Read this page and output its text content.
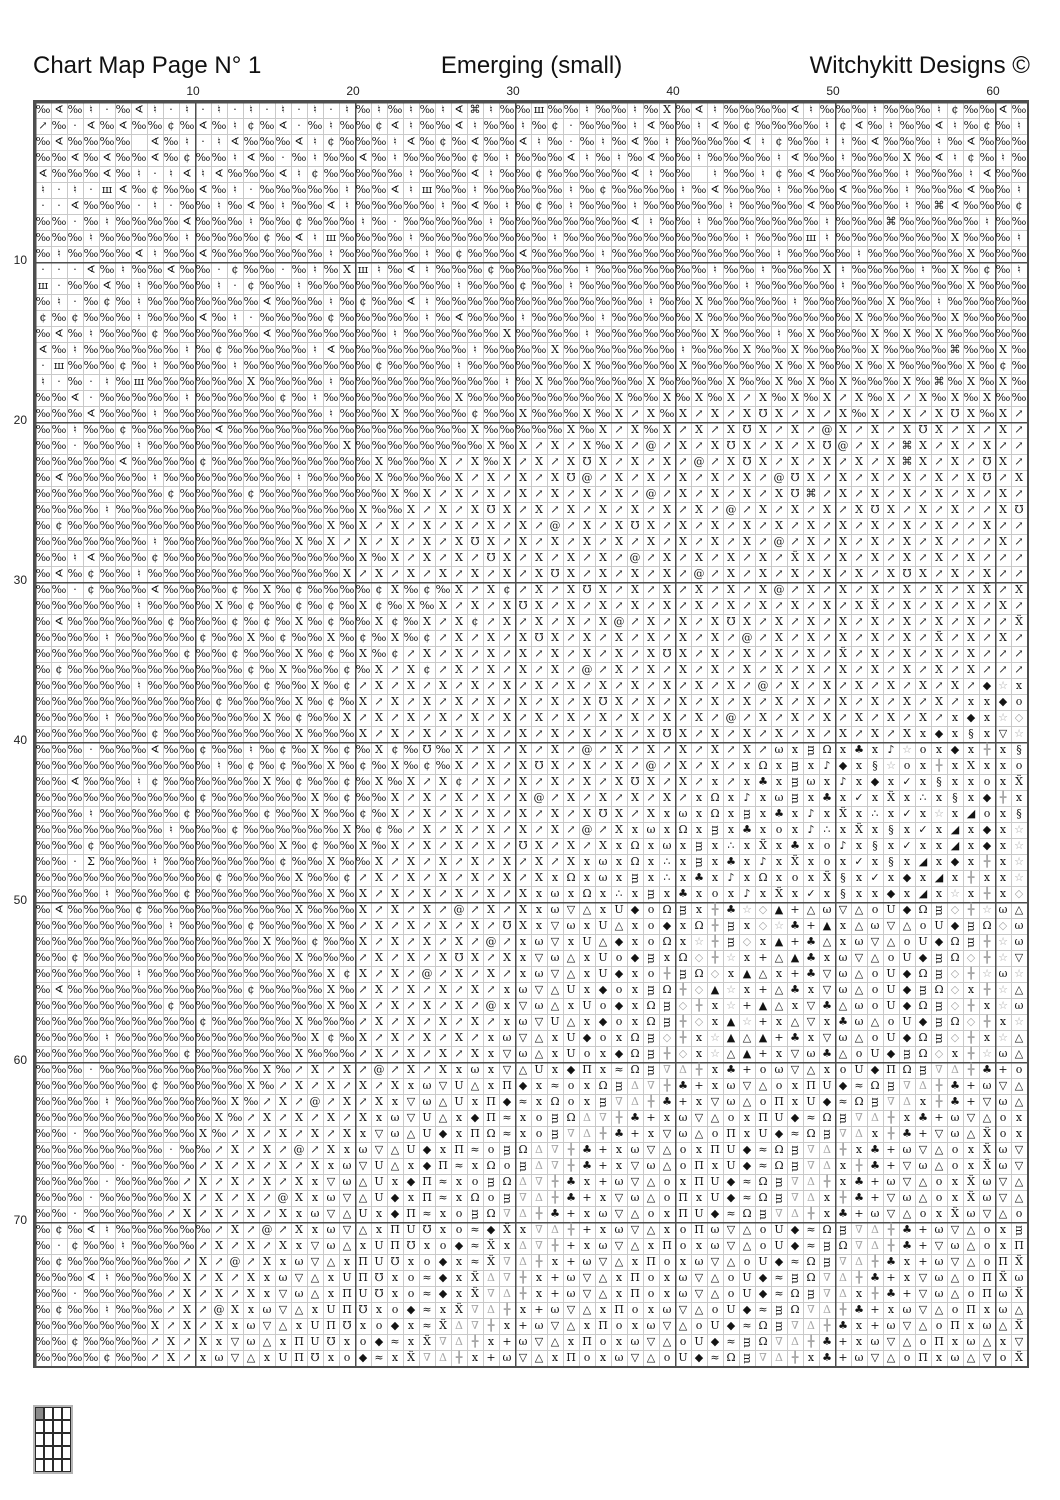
Chart Map Page N° 1	Emerging (small)	Witchykitt Designs ©
10	20	30	40	50	60
10
20
30
40
50
60
70
‰ ∢ ‰ ♮	· ‰ ∢ ♮	·	♮	·	♮	·	♮	·	♮	·	♮	·	♮ ‰ ♮ ‰ ♮ ‰ ♮ ∢ ⌘ ♮ ‰ ‰ ш ‰ ‰ ♮ ‰ ‰ ♮ ‰ X ‰ ∢ ♮ ‰ ‰ ‰ ‰ ∢ ♮ ‰ ‰ ‰ ♮ ‰ ‰ ‰ ♮ ¢ ‰ ‰ ∢ ‰
↗ ‰ · ∢ ‰ ∢ ‰ ‰ ¢ ‰ ∢ ‰ ♮ ¢ ‰ ∢ · ‰ ♮ ‰ ‰ ¢ ∢ ♮ ‰ ‰ ∢ ♮ ‰ ‰ ♮ ‰ ¢ · ‰ ‰ ‰ ♮ ∢ ‰ ‰ ♮ ∢ ‰ ¢ ‰ ‰ ‰ ‰ ♮ ¢ ∢ ‰ ♮ ‰ ‰ ∢ ♮ ‰ ¢ ‰ ♮
‰ ∢ ‰ ‰ ‰ ‰	∢ ‰ ♮	·	♮ ∢ ‰ ‰ ‰ ∢ ♮ ¢ ‰ ‰ ‰ ♮ ∢ ‰ ¢ ‰ ∢ ‰ ‰ ∢ ♮ ‰ · ‰ ♮ ‰ ∢ ‰ ♮ ‰ ‰ ‰ ‰ ∢ ♮ ¢ ‰ ‰ ♮	♮ ‰ ∢ ‰ ‰ ‰ ♮ ‰ ∢ ‰ ‰ ‰
‰ ‰ ∢ ‰ ∢ ‰ ‰ ∢ ‰ ¢ ‰ ‰ ♮ ∢ ‰ · ‰ ♮ ‰ ‰ ∢ ‰ ♮ ‰ ‰ ‰ ‰ ¢ ‰ ♮ ‰ ‰ ‰ ∢ ♮ ‰ ♮ ‰ ∢ ‰ ‰ ♮ ‰ ‰ ‰ ‰ ♮ ∢ ‰ ‰ ♮ ‰ ‰ ‰ X ‰ ∢ ♮ ¢ ‰ ♮ ‰
∢ ‰ ‰ ‰ ∢ ‰ ♮	·	♮ ∢ ♮ ∢ ‰ ‰ ‰ ∢ ♮ ¢ ‰ ‰ ‰ ‰ ‰ ♮ ‰ ‰ ‰ ∢ ♮ ‰ ‰ ¢ ‰ ‰ ‰ ‰ ‰ ∢ ♮ ‰ ‰	♮ ‰ ‰ ♮ ¢ ‰ ∢ ‰ ‰ ‰ ‰ ‰ ♮ ‰ ‰ ‰ ♮ ∢ ‰ ‰
♮	·	♮	· ш ∢ ‰ ¢ ‰ ‰ ∢ ‰ ♮	· ‰ ‰ ‰ ‰ ‰ ♮ ‰ ‰ ∢ ♮ ш ‰ ‰ ♮ ‰ ‰ ‰ ‰ ‰ ♮ ‰ ¢ ‰ ‰ ‰ ‰ ♮ ‰ ∢ ‰ ‰ ‰ ♮ ‰ ‰ ‰ ∢ ‰ ‰ ‰ ♮ ‰ ‰ ‰ ∢ ‰ ‰ ♮
·	· ∢ ‰ ‰ ‰ ·	♮	· ‰ ‰ ♮ ‰ ∢ ‰ ♮ ‰ ‰ ∢ ♮ ‰ ‰ ‰ ‰ ‰ ♮ ‰ ∢ ‰ ♮ ‰ ¢ ‰ ♮ ‰ ‰ ‰ ♮ ‰ ‰ ‰ ‰ ‰ ♮ ‰ ‰ ‰ ‰ ∢ ‰ ‰ ‰ ‰ ‰ ♮ ‰ ⌘ ∢ ‰ ‰ ‰ ¢
‰ ‰ · ‰ ♮ ‰ ‰ ‰ ‰ ∢ ‰ ‰ ‰ ♮ ‰ ‰ ¢ ‰ ‰ ‰ ♮ ‰ · ‰ ‰ ‰ ‰ ‰ ♮ ‰ ‰ ‰ ‰ ‰ ‰ ‰ ‰ ∢ ♮ ‰ ‰ ♮ ‰ ‰ ‰ ‰ ‰ ‰ ‰ ♮ ‰ ‰ ‰ ⌘ ‰ ‰ ‰ ‰ ‰ ♮ ‰ ‰
‰ ‰ ‰ ♮ ‰ ‰ ‰ ‰ ‰ ♮ ‰ ‰ ‰ ‰ ¢ ‰ ∢ ♮ ш ‰ ‰ ‰ ‰ ♮ ‰ ‰ ‰ ‰ ‰ ‰ ‰ ‰ ♮ ‰ ‰ ‰ ‰ ‰ ‰ ‰ ‰ ‰ ‰ ‰ ♮ ‰ ‰ ‰ ш ♮ ‰ ‰ ‰ ‰ ‰ ‰ ‰ X ‰ ‰ ‰ ♮
‰ ♮ ‰ ‰ ‰ ‰ ∢ ♮ ‰ ‰ ∢ ‰ ‰ ‰ ‰ ‰ ‰ ‰ ♮ ‰ ‰ ‰ ‰ ‰ ♮ ‰ ¢ ‰ ‰ ‰ ∢ ‰ ‰ ‰ ‰ ♮ ‰ ‰ ‰ ‰ ‰ ‰ ‰ ‰ ‰ ‰ ♮ ‰ ‰ ‰ ‰ ♮ ‰ ‰ ‰ ‰ ‰ ‰ X ‰ ‰ ‰
·	·	· ∢ ‰ ♮ ‰ ‰ ∢ ‰ ‰ · ¢ ‰ ‰ · ‰ ♮ ‰ X ш ♮ ‰ ∢ ♮ ‰ ‰ ‰ ¢ ‰ ‰ ‰ ‰ ‰ ♮ ‰ ‰ ‰ ‰ ‰ ‰ ‰ ♮ ‰ ‰ ♮ ‰ ‰ ‰ X ♮ ‰ ‰ ‰ ‰ ♮ ‰ X ‰ ¢ ‰ ♮
ш · ‰ ‰ ∢ ‰ ♮ ‰ ‰ ‰ ‰ ♮	· ¢ ‰ ‰ ♮ ‰ ‰ ‰ ‰ ‰ ‰ ‰ ‰ ‰ ♮ ‰ ‰ ‰ ¢ ‰ ‰ ♮ ‰ ‰ ‰ ‰ ‰ ‰ ‰ ‰ ‰ ‰ ♮ ‰ ‰ ‰ ‰ ‰ ♮ ‰ ‰ ‰ ‰ ‰ ‰ ‰ X ‰ ‰ ‰
‰ ♮	· ‰ ¢ ‰ ♮ ‰ ‰ ‰ ‰ ‰ ‰ ‰ ∢ ‰ ‰ ‰ ♮ ‰ ¢ ‰ ‰ ∢ ♮ ‰ ‰ ‰ ‰ ‰ ‰ ‰ ‰ ‰ ‰ ‰ ‰ ‰ ♮ ‰ ‰ X ‰ ‰ ‰ ‰ ‰ ♮ ‰ ‰ ‰ ‰ ‰ X ‰ ‰ ♮ ‰ ‰ ‰ ‰ ‰
¢ ‰ ¢ ‰ ‰ ‰ ♮ ‰ ‰ ‰ ∢ ‰ ♮	· ‰ ‰ ‰ ‰ ¢ ‰ ‰ ‰ ‰ ‰ ♮ ‰ ∢ ‰ ‰ ‰ ♮ ‰ ‰ ‰ ‰ ♮ ‰ ‰ ‰ ‰ ‰ X ‰ ‰ ‰ ‰ ‰ ‰ ‰ ‰ ‰ X ‰ ‰ ‰ ‰ ‰ X ‰ ‰ ‰ ‰
‰ ∢ ‰ ♮ ‰ ‰ ‰ ¢ ‰ ‰ ‰ ‰ ‰ ‰ ∢ ‰ ‰ ‰ ‰ ‰ ‰ ‰ ♮ ‰ ‰ ‰ ‰ ‰ ‰ X ‰ ‰ ‰ ‰ ♮ ‰ ‰ ‰ ‰ ‰ ‰ ‰ X ‰ ‰ ‰ ♮ ‰ X ‰ ‰ ‰ X ‰ X ‰ X ‰ ‰ ‰ ‰ ‰
∢ ‰ ♮ ‰ ‰ ‰ ‰ ‰ ‰ ♮ ‰ ¢ ‰ ‰ ‰ ‰ ‰ ♮ ∢ ‰ ‰ ‰ ‰ ‰ ‰ ‰ ‰ ♮ ‰ ‰ ‰ ‰ X ‰ ‰ ‰ ‰ ‰ ‰ ‰ ♮ ‰ ‰ ‰ X ‰ ‰ X ‰ ‰ ‰ ‰ X ‰ ‰ ‰ ‰ ⌘ ‰ ‰ X ‰
· ш ‰ ‰ ‰ ¢ ‰ ♮ ‰ ‰ ‰ ‰ ♮ ‰ ‰ ‰ ‰ ‰ ‰ ‰ ‰ ¢ ‰ ‰ ‰ ‰ ♮ ‰ ‰ ‰ ‰ ‰ ‰ ‰ X ‰ ‰ ‰ ‰ ‰ X ‰ ‰ ‰ ‰ ‰ X ‰ X ‰ ‰ X ‰ X ‰ ‰ ‰ ‰ X ‰ ¢ ‰
♮	· ‰ ·	♮ ‰ ш ‰ ‰ ‰ ‰ ‰ ‰ X ‰ ‰ ‰ ‰ ♮ ‰ ‰ ‰ ‰ ‰ ‰ ‰ ‰ ‰ ‰ ♮ ‰ X ‰ ‰ ‰ ‰ ‰ ‰ X ‰ ‰ ‰ ‰ X ‰ ‰ X ‰ X ‰ X ‰ ‰ ‰ X ‰ ⌘ ‰ X ‰ X ‰
‰ ‰ ∢ · ‰ ‰ ‰ ‰ ‰ ♮ ‰ ‰ ‰ ‰ ‰ ¢ ‰ ♮ ‰ ‰ ‰ ‰ ‰ ‰ ‰ ‰ X ‰ ‰ ‰ ‰ ‰ ‰ ‰ ‰ ‰ X ‰ ‰ X ‰ X ‰ X ↗ X ‰ X ‰ X ↗ X ‰ X ↗ X ‰ X ‰ X ‰ ‰
‰ ‰ ‰ ∢ ‰ ‰ ‰ ♮ ‰ ‰ ‰ ‰ ‰ ‰ ‰ ‰ ‰ ‰ ♮ ‰ ‰ ‰ X ‰ ‰ ‰ ‰ ¢ ‰ ‰ X ‰ ‰ ‰ X ‰ X ↗ X ‰ X ↗ X ↗ X ℧ X ↗ X ↗ X ‰ X ↗ X ↗ X ℧ X ‰ X ↗
‰ ‰ ♮ ‰ ‰ ¢ ‰ ‰ ‰ ‰ ‰ ∢ ‰ ‰ ‰ ‰ ‰ ‰ ‰ ‰ ‰ ‰ ‰ ‰ ‰ ‰ ‰ X ‰ ‰ ‰ ‰ ‰ X ‰ X ↗ X ‰ X ↗ X ↗ X ℧ X ↗ X ↗ @ X ↗ X ↗ X ℧ X ↗ X ↗ X ↗
‰ ‰ · ‰ ‰ ‰ ♮ ‰ ‰ ‰ ‰ ‰ ‰ ‰ ‰ ‰ ‰ ‰ ‰ X ‰ ‰ ‰ ‰ ‰ ‰ ‰ ‰ X ‰ X ↗ X ↗ X ‰ X ↗ @ ↗ X ↗ X ℧ X ↗ X ↗ X ℧ @ ↗ X ↗ ⌘ X ↗ X ↗ X ↗ ↗
‰ ‰ ‰ ‰ ‰ ∢ ‰ ‰ ‰ ‰ ¢ ‰ ‰ ‰ ‰ ‰ ‰ ‰ ‰ ‰ ‰ X ‰ ‰ ‰ X ↗ X ‰ X ↗ X ↗ X ℧ X ↗ X ↗ X ↗ @ ↗ X ℧ X ↗ X ↗ X ↗ X ↗ X ⌘ X ↗ X ↗ ℧ X ↗
‰ ∢ ‰ ‰ ‰ ‰ ‰ ♮ ‰ ‰ ‰ ‰ ‰ ‰ ‰ ‰ ♮ ‰ ‰ ‰ ‰ X ‰ ‰ ‰ ‰ X ↗ X ↗ X ↗ X ℧ @ ↗ X ↗ X ↗ X ↗ X ↗ X ↗ @ ℧ X ↗ X ↗ X ↗ X ↗ X ↗ X ℧ ↗ X
‰ ‰ ‰ ‰ ‰ ‰ ‰ ‰ ¢ ‰ ‰ ‰ ‰ ¢ ‰ ‰ ‰ ‰ ‰ ‰ ‰ ‰ X ‰ X ↗ X ↗ X ↗ X ↗ X ↗ X ↗ X ↗ @ ↗ X ↗ X ↗ X ↗ X ℧ ⌘ ↗ X ↗ X ↗ X ↗ X ↗ X ↗ X ↗
‰ ‰ ‰ ‰ ♮ ‰ ‰ ‰ ‰ ‰ ‰ ‰ ‰ ‰ ‰ ‰ ‰ ‰ ‰ ‰ X ‰ ‰ X ↗ X ↗ X ℧ X ↗ X ↗ X ↗ X ↗ X ↗ X ↗ X ↗ @ ↗ X ↗ X ↗ X ↗ X ℧ X ↗ X ↗ X ↗ ↗ X ℧
‰ ¢ ‰ ‰ ‰ ‰ ‰ ‰ ‰ ‰ ‰ ‰ ‰ ‰ ‰ ‰ ‰ ‰ X ‰ X ↗ X ↗ X ↗ X ↗ X ↗ X ↗ @ ↗ X ↗ X ℧ X ↗ X ↗ X ↗ X ↗ X ↗ X ↗ X ↗ X ↗ X ↗ X ↗ ↗ X ↗ ↗
‰ ‰ ‰ ‰ ‰ ‰ ‰ ♮ ‰ ‰ ‰ ‰ ‰ ‰ ‰ ‰ X ‰ X ↗ X ↗ X ↗ X ↗ X ℧ X ↗ X ↗ X ↗ X ↗ X ↗ X ↗ X ↗ X ↗ X ↗ @ ↗ X ↗ X ↗ X ↗ X ↗ X ↗ ↗ ↗ X ↗
‰ ‰ ♮ ∢ ‰ ‰ ‰ ¢ ‰ ‰ ‰ ‰ ‰ ‰ ‰ ‰ ‰ ‰ ‰ ‰ X ‰ X ↗ X ↗ X ↗ ℧ X ↗ X ↗ X ↗ X ↗ @ ↗ X ↗ X ↗ X ↗ X ↗ Ẍ X ↗ X ↗ X ↗ X ↗ X ↗ X ↗ ↗ ↗
‰ ∢ ‰ ¢ ‰ ‰ ♮ ‰ ‰ ‰ ‰ ‰ ‰ ‰ ‰ ‰ ‰ ‰ ‰ X ↗ X ↗ X ↗ X ↗ X ↗ X ↗ X ℧ X ↗ X ↗ X ↗ X ↗ @ ↗ X ↗ X ↗ X ↗ X ↗ X ↗ X ℧ X ↗ X ↗ X ↗ ↗
‰ ‰ · ¢ ‰ ‰ ‰ ∢ ‰ ‰ ‰ ‰ ¢ ‰ X ‰ ¢ ‰ ‰ ‰ ‰ ¢ X ‰ ¢ ‰ X ↗ X ¢ ↗ X ↗ X ℧ X ↗ X ↗ X ↗ X ↗ X ↗ X @ ↗ X ↗ X ↗ X ↗ X ↗ X ↗ X Ẍ ↗ X
‰ ‰ ‰ ‰ ‰ ‰ ♮ ‰ ‰ ‰ ‰ X ‰ ¢ ‰ ‰ ¢ ‰ ¢ ‰ X ¢ ‰ X ‰ X ↗ X ↗ X ℧ X ↗ X ↗ X ↗ X ↗ X ↗ X ↗ X ↗ X ↗ X ↗ X ↗ X Ẍ ↗ X ↗ X ↗ X ↗ X ↗
‰ ∢ ‰ ‰ ‰ ‰ ‰ ‰ ¢ ‰ ‰ ‰ ¢ ‰ ¢ ‰ X ‰ ¢ ‰ ‰ X ¢ ‰ X ↗ X ¢ ↗ X ↗ X ↗ X ↗ X @ ↗ X ↗ X ↗ X ℧ X ↗ X ↗ X ↗ X ↗ X ↗ X ↗ X ↗ X ↗ ↗ Ẍ
‰ ‰ ‰ ‰ ♮ ‰ ‰ ‰ ‰ ‰ ¢ ‰ ‰ X ‰ ¢ ‰ ‰ X ‰ ¢ ‰ X ‰ ¢ ↗ X ↗ X ↗ X ℧ X ↗ X ↗ X ↗ X ↗ X ↗ X ↗ @ ↗ X ↗ X ↗ X ↗ X ↗ X ↗ Ẍ ↗ X ↗ X ↗
‰ ‰ ‰ ‰ ‰ ‰ ‰ ‰ ‰ ¢ ‰ ‰ ¢ ‰ ‰ ‰ X ‰ ¢ ‰ X ‰ ¢ ↗ X ↗ X ↗ X ↗ X ↗ X ↗ X ↗ X ↗ X ℧ X ↗ X ↗ X ↗ X ↗ X ↗ Ẍ ↗ X ↗ X ↗ X ↗ X ↗ ↗ ↗
‰ ¢ ‰ ‰ ‰ ‰ ‰ ‰ ‰ ‰ ‰ ‰ ‰ ¢ ‰ X ‰ ‰ ‰ ¢ ‰ X ↗ X ¢ ↗ X ↗ X ↗ X ↗ X ↗ @ ↗ X ↗ X ↗ X ↗ X ↗ X ↗ X ↗ X ↗ X ↗ X ↗ X ↗ X ↗ X ↗ ↗ ↗
‰ ‰ ‰ ‰ ‰ ‰ ♮ ‰ ‰ ‰ ‰ ‰ ‰ ‰ ¢ ‰ ‰ X ‰ ¢ ↗ X ↗ X ↗ X ↗ X ↗ X ↗ X ↗ X ↗ X ↗ X ↗ X ↗ X ↗ X ↗ @ ↗ X ↗ X ↗ X ↗ X ↗ X ↗ X ↗ ◆ ☆ x
‰ ‰ ‰ ‰ ‰ ‰ ‰ ‰ ‰ ‰ ‰ ¢ ‰ ‰ ‰ ‰ X ‰ ¢ ‰ X ↗ X ↗ X ↗ X ↗ X ↗ X ↗ X ↗ X ℧ X ↗ X ↗ X ↗ X ↗ X ↗ X ↗ X ↗ X ↗ X ↗ X ↗ X ↗ x x ◆ o
‰ ‰ ‰ ‰ ♮ ‰ ‰ ‰ ‰ ‰ ‰ ‰ ‰ ‰ X ‰ ¢ ‰ ‰ X ↗ X ↗ X ↗ X ↗ X ↗ X ↗ X ↗ X ↗ X ↗ X ↗ X ↗ X ↗ @ ↗ X ↗ X ↗ X ↗ X ↗ X ↗ X ↗ x ◆ x ☆ ◇
‰ ‰ ‰ ‰ ‰ ‰ ‰ ¢ ‰ ‰ ‰ ‰ ‰ ‰ ‰ ‰ X ‰ ‰ ‰ X ↗ X ↗ X ↗ X ↗ X ↗ X ↗ X ↗ X ↗ X ↗ X ℧ X ↗ X ↗ X ↗ X ↗ X ↗ X ↗ X ↗ X x ◆ x § x ▽ ☆
‰ ‰ ‰ · ‰ ‰ ‰ ∢ ‰ ‰ ¢ ‰ ‰ ♮ ‰ ¢ ‰ X ‰ ¢ ‰ X ¢ ‰ ℧ ‰ X ↗ X ↗ X ↗ X ↗ @ ↗ X ↗ X ↗ X ↗ X ↗ X ↗ ω x ᴟ Ω x ♣ x ♪ ☆ o x ◆ x ╋ x §
‰ ‰ ‰ ‰ ‰ ‰ ‰ ‰ ‰ ‰ ‰ ♮ ‰ ¢ ‰ ¢ ‰ ‰ X ‰ ¢ ‰ X ‰ ¢ ‰ X ↗ X ↗ X ℧ X ↗ X ↗ X ↗ @ ↗ X ↗ X ↗ x Ω x ᴟ x ♪ ◆ x § ☆ o x ╋ x X x x o
‰ ‰ ∢ ‰ ‰ ‰ ♮ ¢ ‰ ‰ ‰ ‰ ‰ ‰ X ‰ ¢ ‰ ‰ ¢ ‰ X ‰ X ↗ X ¢ ↗ X ↗ X ↗ X ↗ X ↗ X ℧ X ↗ X ↗ x ↗ x ♣ x ᴟ ω x ♪ x ◆ x ✓ x § x x o x Ẍ
‰ ‰ ‰ ‰ ‰ ‰ ‰ ‰ ‰ ‰ ¢ ‰ ‰ ‰ ‰ ‰ ‰ X ‰ ¢ ‰ ‰ X ↗ X ↗ X ↗ X ↗ X @ ↗ X ↗ X ↗ X ↗ X ↗ x Ω x ♪ x ω ᴟ x ♣ x ✓ x Ẍ x ∴ x § x ◆ ╋ x
‰ ‰ ‰ ♮ ‰ ‰ ‰ ‰ ‰ ¢ ‰ ‰ ‰ ‰ ¢ ‰ ‰ X ‰ ‰ ¢ ‰ X ↗ X ↗ X ↗ X ↗ X ↗ X ↗ X ℧ X ↗ X x ω x Ω x ᴟ x ♣ x ♪ x Ẍ x ∴ x ✓ x ☆ x ◢ o x §
‰ ‰ ‰ ‰ ‰ ‰ ‰ ‰ ♮ ‰ ‰ ‰ ¢ ‰ ‰ ‰ ‰ ‰ ‰ X ‰ ¢ ‰ ↗ X ↗ X ↗ X ↗ X ↗ X ↗ @ ↗ X x ω x Ω x ᴟ x ♣ x o x ♪ ∴ x Ẍ x § x ✓ x ◢ x ◆ x ☆
‰ ‰ ‰ ¢ ‰ ‰ ‰ ‰ ‰ ‰ ‰ ‰ ‰ ‰ ‰ X ‰ ¢ ‰ ‰ X ‰ X ↗ X ↗ X ↗ X ↗ ℧ X ↗ X ↗ X x Ω x ω x ᴟ x ∴ x Ẍ x ♣ x o ♪ x § x ✓ x x ◢ x ◆ x ☆
‰ ‰ · Σ ‰ ‰ ‰ ♮ ‰ ‰ ‰ ‰ ‰ ‰ ‰ ¢ ‰ ‰ X ‰ ‰ X ↗ X ↗ X ↗ X ↗ X ↗ X ↗ X x ω x Ω x ∴ x ᴟ x ♣ x ♪ x Ẍ x o x ✓ x § x ◢ x ◆ x ╋ x ☆
‰ ‰ ‰ ‰ ‰ ‰ ‰ ‰ ‰ ‰ ‰ ¢ ‰ ‰ ‰ ‰ X ‰ ‰ ¢ ↗ X ↗ X ↗ X ↗ X ↗ X ↗ X x Ω x ω x ᴟ x ∴ x ♣ x ♪ x Ω x o x Ẍ § x ✓ x ◆ x ◢ x ╋ x x ☆
‰ ‰ ‰ ‰ ♮ ‰ ‰ ‰ ‰ ¢ ‰ ‰ ‰ ‰ ‰ ‰ ‰ ‰ X ‰ X ↗ X ↗ X ↗ X ↗ X ↗ X x ω x Ω x ∴ x ᴟ x ♣ x o x ♪ x Ẍ x ✓ x § x x ◆ x ◢ x ☆ x ╋ x ◇
‰ ∢ ‰ ‰ ‰ ‰ ¢ ‰ ‰ ‰ ‰ ‰ ‰ ‰ ‰ ‰ X ‰ ‰ ‰ X ↗ X ↗ X ↗ @ ↗ X ↗ X x ω ▽ △ x U ◆ o Ω ᴟ x ╋ ♣ ☆ ◇ ▲ + △ ω ▽ △ o U ◆ Ω ᴟ ◇ ╋ ☆ ω △
‰ ‰ ‰ ‰ ‰ ‰ ‰ ‰ ♮ ‰ ‰ ‰ ‰ ¢ ‰ ‰ ‰ ‰ X ‰ ↗ X ↗ X ↗ X ↗ X ↗ ℧ X x ▽ ω x U △ x o ◆ x Ω ╋ ᴟ x ◇ ☆ ♣ + ▲ x △ ω ▽ △ o U ◆ ᴟ Ω ◇ ω
‰ ‰ ‰ ‰ ‰ ‰ ‰ ‰ ‰ ‰ ‰ ‰ ‰ ‰ X ‰ ‰ ¢ ‰ ‰ X ↗ X ↗ X ↗ X ↗ @ ↗ x ω ▽ x U △ ◆ x o Ω x ☆ ╋ ᴟ ◇ x ▲ + ♣ △ x ω ▽ △ o U ◆ Ω ᴟ ╋ ☆ ω
‰ ‰ ¢ ‰ ‰ ‰ ‰ ‰ ‰ ‰ ‰ ‰ ‰ ‰ ‰ ‰ X ‰ ‰ ‰ ↗ X ↗ X ↗ X ℧ X ↗ X x ▽ ω △ x U o ◆ ᴟ x Ω ◇ ╋ ☆ x + △ ▲ ♣ x ω ▽ △ o U ◆ ᴟ Ω ◇ ╋ ☆ ▽
‰ ‰ ‰ ‰ ‰ ‰ ♮ ‰ ‰ ‰ ‰ ‰ ‰ ‰ ‰ ‰ ‰ ‰ X ¢ X ↗ X ↗ @ ↗ X ↗ X ↗ x ω ▽ △ x U ◆ x o ╋ ᴟ Ω ◇ x ▲ △ x + ♣ ▽ ω △ o U ◆ Ω ᴟ ◇ ╋ ☆ ω ☆
‰ ∢ ‰ ‰ ‰ ‰ ‰ ‰ ‰ ‰ ‰ ‰ ‰ ¢ ‰ ‰ ‰ ‰ X ‰ ↗ X ↗ X ↗ X ↗ X ↗ x ω ▽ △ U x ◆ o x ᴟ Ω ╋ ◇ ▲ ☆ x + △ ♣ x ▽ ω △ o U ◆ ᴟ Ω ◇ x ╋ ☆ △
‰ ‰ ‰ ‰ ‰ ‰ ‰ ‰ ¢ ‰ ‰ ‰ ‰ ‰ ‰ ‰ ‰ ‰ X ‰ X ↗ X ↗ X ↗ X ↗ @ x ▽ ω △ x U o ◆ x Ω ᴟ ◇ ╋ x ☆ + ▲ △ x ▽ ♣ △ ω o U ◆ Ω ᴟ ◇ ╋ x ☆ ω
‰ ‰ ‰ ‰ ‰ ‰ ‰ ‰ ‰ ‰ ¢ ‰ ‰ ‰ ‰ ‰ X ‰ ‰ ‰ ↗ X ↗ X ↗ X ↗ X ↗ x ω ▽ U △ x ◆ o x Ω ᴟ ╋ ◇ x ▲ ☆ + x △ ▽ x ♣ ω △ o U ◆ ᴟ Ω ◇ ╋ x ☆
‰ ‰ ‰ ‰ ♮ ‰ ‰ ‰ ‰ ‰ ‰ ‰ ‰ ‰ ‰ ‰ ‰ X ¢ ‰ X ↗ X ↗ X ↗ X ↗ x ω ▽ △ x U ◆ o x Ω ᴟ ◇ ╋ x ☆ ▲ △ ▲ + ♣ x ▽ ω △ o U ◆ Ω ᴟ ◇ ╋ x ☆ △
‰ ‰ ‰ ‰ ‰ ‰ ‰ ‰ ‰ ¢ ‰ ‰ ‰ ‰ ‰ ‰ X ‰ ‰ ‰ ↗ X ↗ X ↗ X ↗ X x ▽ ω △ x U o x ◆ Ω ᴟ ╋ ◇ x ☆ △ ▲ + x ▽ ω ♣ △ o U ◆ ᴟ Ω ◇ x ╋ ☆ ω △
‰ ‰ ‰ · ‰ ‰ ‰ ‰ ‰ ‰ ‰ ‰ ‰ ‰ X ‰ ↗ X ↗ X ↗ @ ↗ X ↗ X x ω x ▽ △ U x ◆ Π x ≈ Ω ᴟ ∇ Δ ╋ x ♣ + o ω ▽ △ x o U ◆ Π Ω ᴟ ∇ Δ ╋ ♣ + o
‰ ‰ ‰ ‰ ‰ ‰ ‰ ¢ ‰ ‰ ‰ ‰ ‰ X ‰ ↗ X ↗ X ↗ X ↗ X x ω ▽ U △ x Π ◆ x ≈ o x Ω ᴟ Δ ∇ ╋ ♣ + x ω ▽ △ o x Π U ◆ ≈ Ω ᴟ ∇ Δ ╋ ♣ + ω ▽ △
‰ ‰ ‰ ‰ ♮ ‰ ‰ ‰ ‰ ‰ ‰ ‰ X ‰ ↗ X ↗ @ ↗ X ↗ X x ▽ ω △ U x Π ◆ ≈ x Ω o x ᴟ ∇ Δ ╋ ♣ + x ▽ ω △ o Π x U ◆ ≈ Ω ᴟ ∇ Δ x ╋ ♣ + ▽ ω △
‰ ‰ ‰ ‰ ‰ ‰ ‰ ‰ ‰ ‰ ‰ X ‰ ↗ X ↗ X ↗ X ↗ X x ω ▽ U △ x ◆ Π ≈ x o ᴟ Ω Δ ∇ ╋ ♣ + x ω ▽ △ o x Π U ◆ ≈ Ω ᴟ ∇ Δ ╋ x ♣ + ω ▽ △ o x
‰ ‰ · ‰ ‰ ‰ ‰ ‰ ‰ ‰ X ‰ ↗ X ↗ X ↗ X ↗ X x ▽ ω △ U ◆ x Π Ω ≈ x o ᴟ ∇ Δ ╋ ♣ + x ▽ ω △ o Π x U ◆ ≈ Ω ᴟ ∇ Δ x ╋ ♣ + ▽ ω △ Ẍ o x
‰ ‰ ‰ ‰ ‰ ‰ ‰ ‰ · ‰ ‰ ↗ X ↗ X ↗ @ ↗ X x ω ▽ △ U ◆ x Π ≈ o ᴟ Ω Δ ∇ ╋ ♣ + x ω ▽ △ o x Π U ◆ ≈ Ω ᴟ ∇ Δ ╋ x ♣ + ω ▽ △ o x Ẍ ω ▽
‰ ‰ ‰ ‰ ‰ · ‰ ‰ ‰ ‰ ↗ X ↗ X ↗ X ↗ X x ω ▽ U △ x ◆ Π ≈ x Ω o ᴟ Δ ∇ ╋ ♣ + x ▽ ω △ o Π x U ◆ ≈ Ω ᴟ ∇ Δ x ╋ ♣ + ▽ ω △ o x Ẍ ω ▽
‰ ‰ ‰ ‰ · ‰ ‰ ‰ ‰ ↗ X ↗ X ↗ X ↗ X x ▽ ω △ U x ◆ Π ≈ x o ᴟ Ω Δ ∇ ╋ ♣ x + ω ▽ △ o x Π U ◆ ≈ Ω ᴟ ∇ Δ ╋ x ♣ + ω ▽ △ o x Ẍ ω ▽ △
‰ ‰ ‰ · ‰ ‰ ‰ ‰ ‰ X ↗ X ↗ X ↗ @ X x ω ▽ △ U ◆ x Π ≈ x Ω o ᴟ ∇ Δ ╋ ♣ + x ▽ ω △ o Π x U ◆ ≈ Ω ᴟ ∇ Δ x ╋ ♣ + ▽ ω △ o x Ẍ ω ▽ △
‰ ‰ · ‰ ‰ ‰ ‰ ‰ ↗ X ↗ X ↗ X ↗ X x ω ▽ △ U x ◆ Π ≈ x o ᴟ Ω ∇ Δ ╋ ♣ + x ω ▽ △ o x Π U ◆ ≈ Ω ᴟ ∇ Δ ╋ x ♣ + ω ▽ △ o x Ẍ ω ▽ △ o
‰ ¢ ‰ ∢ ♮ ‰ ‰ ‰ ‰ ‰ ‰ ↗ X ↗ @ ↗ X x ω ▽ △ x Π U ℧ x o ≈ ◆ Ẍ x ∇ Δ ╋ + x ω ▽ △ x o Π ω ▽ △ o U ◆ ≈ Ω ᴟ ∇ Δ ╋ ♣ + ω ▽ △ o x ᴟ
‰ · ¢ ‰ ‰ ♮ ‰ ‰ ‰ ‰ ↗ X ↗ X ↗ X x ▽ ω △ x U Π ℧ x o ◆ ≈ Ẍ x Δ ∇ ╋ + x ω ▽ △ x Π o x ω ▽ △ o U ◆ ≈ ᴟ Ω ∇ Δ ╋ ♣ + ▽ ω △ o x Π
‰ ¢ ‰ ‰ ‰ ‰ ‰ ‰ ‰ ↗ X ↗ @ ↗ X x ω ▽ △ x Π U ℧ x o ◆ x ≈ Ẍ ∇ Δ ╋ x + ω ▽ △ x Π o x ω ▽ △ o U ◆ ≈ Ω ᴟ ∇ Δ ╋ ♣ x + ω ▽ △ o Π Ẍ
‰ ‰ ‰ ∢ ♮ ‰ ‰ ‰ ‰ X ↗ X ↗ X x ω ▽ △ x U Π ℧ x o ≈ ◆ x Ẍ Δ ∇ ╋ x + ω ▽ △ x Π o x ω ▽ △ o U ◆ ≈ ᴟ Ω ∇ Δ ╋ ♣ + x ▽ ω △ o Π Ẍ ω
‰ ‰ · ‰ ‰ ‰ ‰ ‰ ↗ X ↗ X ↗ X x ▽ ω △ x Π U ℧ x o ≈ ◆ x Ẍ ∇ Δ ╋ x + ω ▽ △ x Π o x ω ▽ △ o U ◆ ≈ Ω ᴟ ∇ Δ x ╋ ♣ + ▽ ω △ o Π ω Ẍ
‰ ¢ ‰ ‰ ♮ ‰ ‰ ‰ ↗ X ↗ @ X x ω ▽ △ x U Π ℧ x o ◆ ≈ x Ẍ ∇ Δ ╋ x + ω ▽ △ x Π o x ω ▽ △ o U ◆ ≈ ᴟ Ω ∇ Δ ╋ ♣ + x ω ▽ △ o Π x ω △
‰ ‰ ‰ ‰ ‰ ‰ ‰ X ↗ X ↗ X x ω ▽ △ x U Π ℧ x o ◆ x ≈ Ẍ Δ ∇ ╋ x + ω ▽ △ x Π o x ω ▽ △ o U ◆ ≈ Ω ᴟ ∇ Δ ╋ ♣ x + ω ▽ △ o Π x ω △ Ẍ
‰ ‰ ¢ ‰ ‰ ‰ ‰ ↗ X ↗ X x ▽ ω △ x Π U ℧ x o ◆ ≈ x Ẍ ∇ Δ ╋ x + ω ▽ △ x Π o x ω ▽ △ o U ◆ ≈ ᴟ Ω ∇ Δ ╋ ♣ + x ω ▽ △ o Π x ω △ x ▽
‰ ‰ ‰ ‰ ¢ ‰ ‰ ↗ X ↗ x ω ▽ △ x U Π ℧ x o ◆ ≈ x Ẍ ∇ Δ ╋ x + ω ▽ △ x Π o x ω ▽ △ o U ◆ ≈ Ω ᴟ ∇ Δ ╋ x ♣ + ω ▽ △ o Π x ω △ ▽ o Ẍ
